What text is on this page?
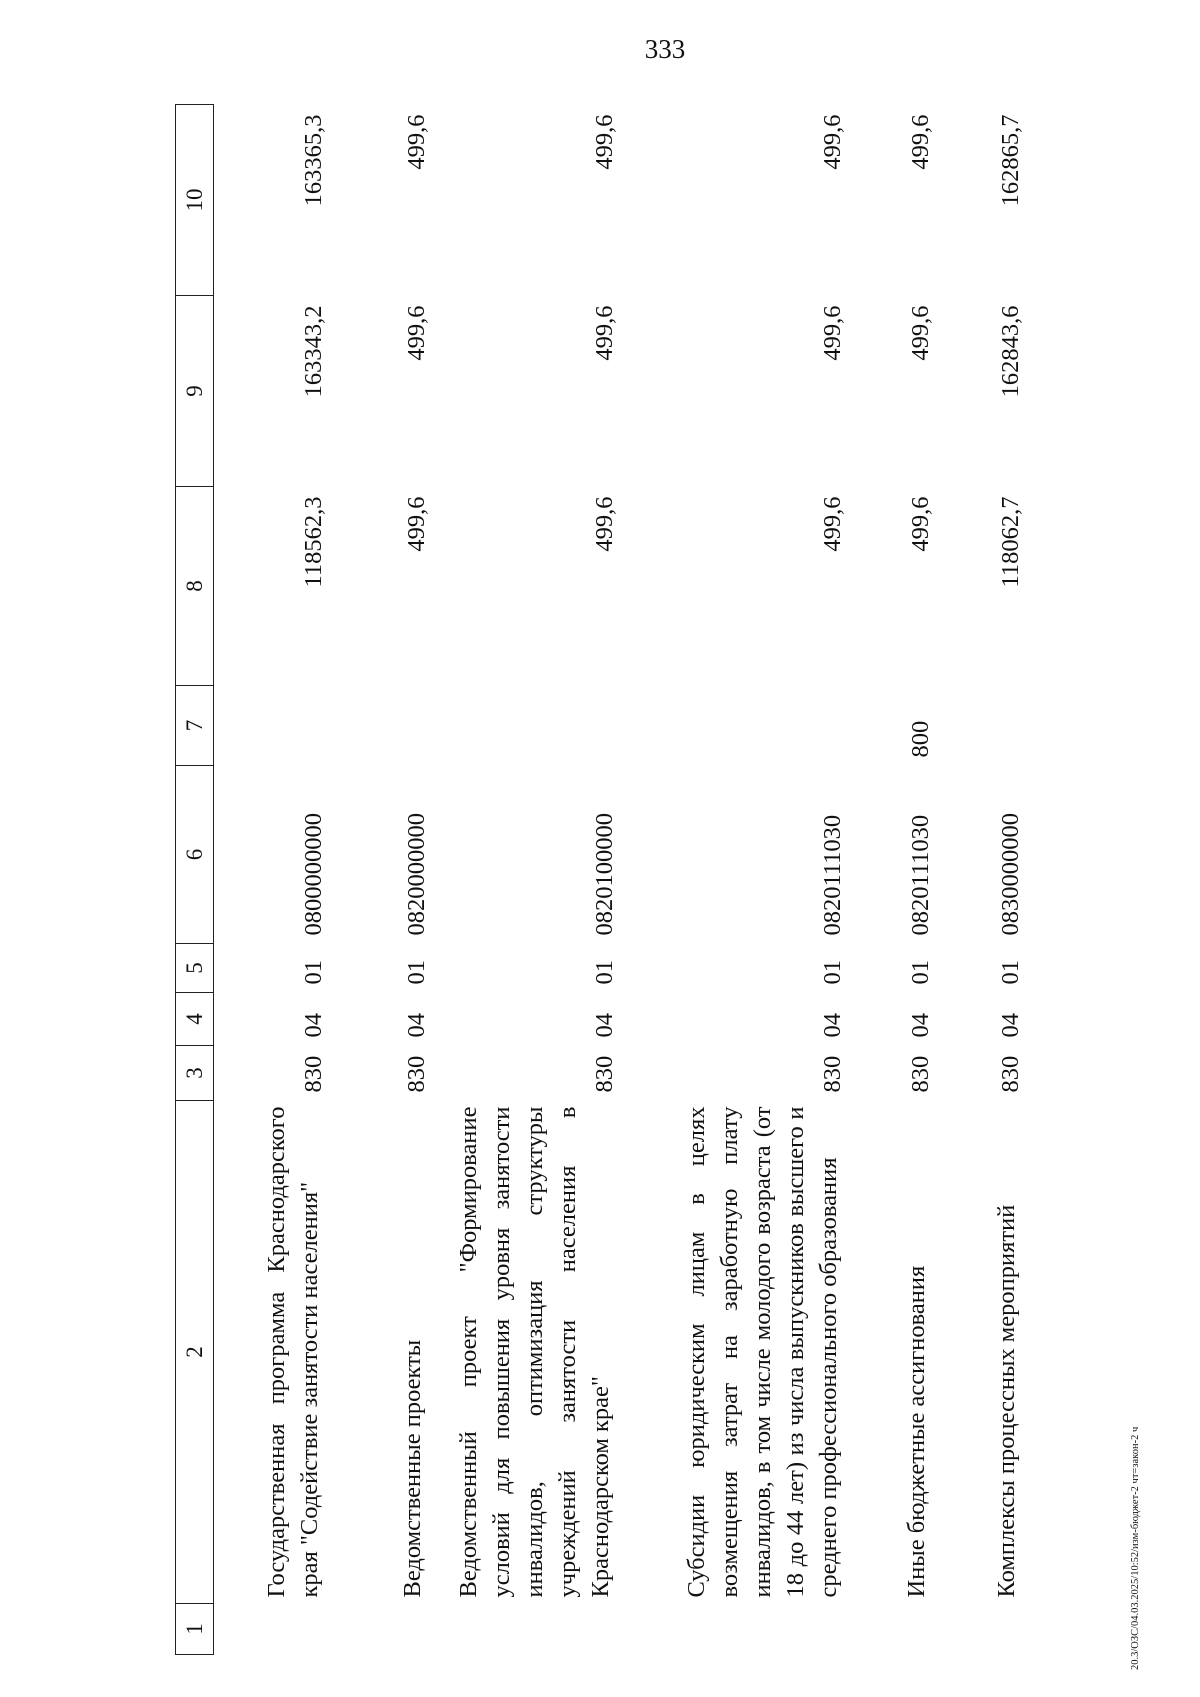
333
1	2	3	4	5	6	7	8	9	10
	Государственная программа Краснодарского края "Содействие занятости населения"	830	04	01	0800000000		118562,3	163343,2	163365,3
	Ведомственные проекты	830	04	01	0820000000		499,6	499,6	499,6
	Ведомственный проект "Формирование условий для повышения уровня занятости инвалидов, оптимизация структуры учреждений занятости населения в Краснодарском крае"	830	04	01	0820100000		499,6	499,6	499,6
	Субсидии юридическим лицам в целях возмещения затрат на заработную плату инвалидов, в том числе молодого возраста (от 18 до 44 лет) из числа выпускников высшего и среднего профессионального образования	830	04	01	0820111030		499,6	499,6	499,6
	Иные бюджетные ассигнования	830	04	01	0820111030	800	499,6	499,6	499,6
	Комплексы процессных мероприятий	830	04	01	0830000000		118062,7	162843,6	162865,7
20.3/ОЗС/04.03.2025/10:52/изм-бюджет-2 чт=закон-2 ч
